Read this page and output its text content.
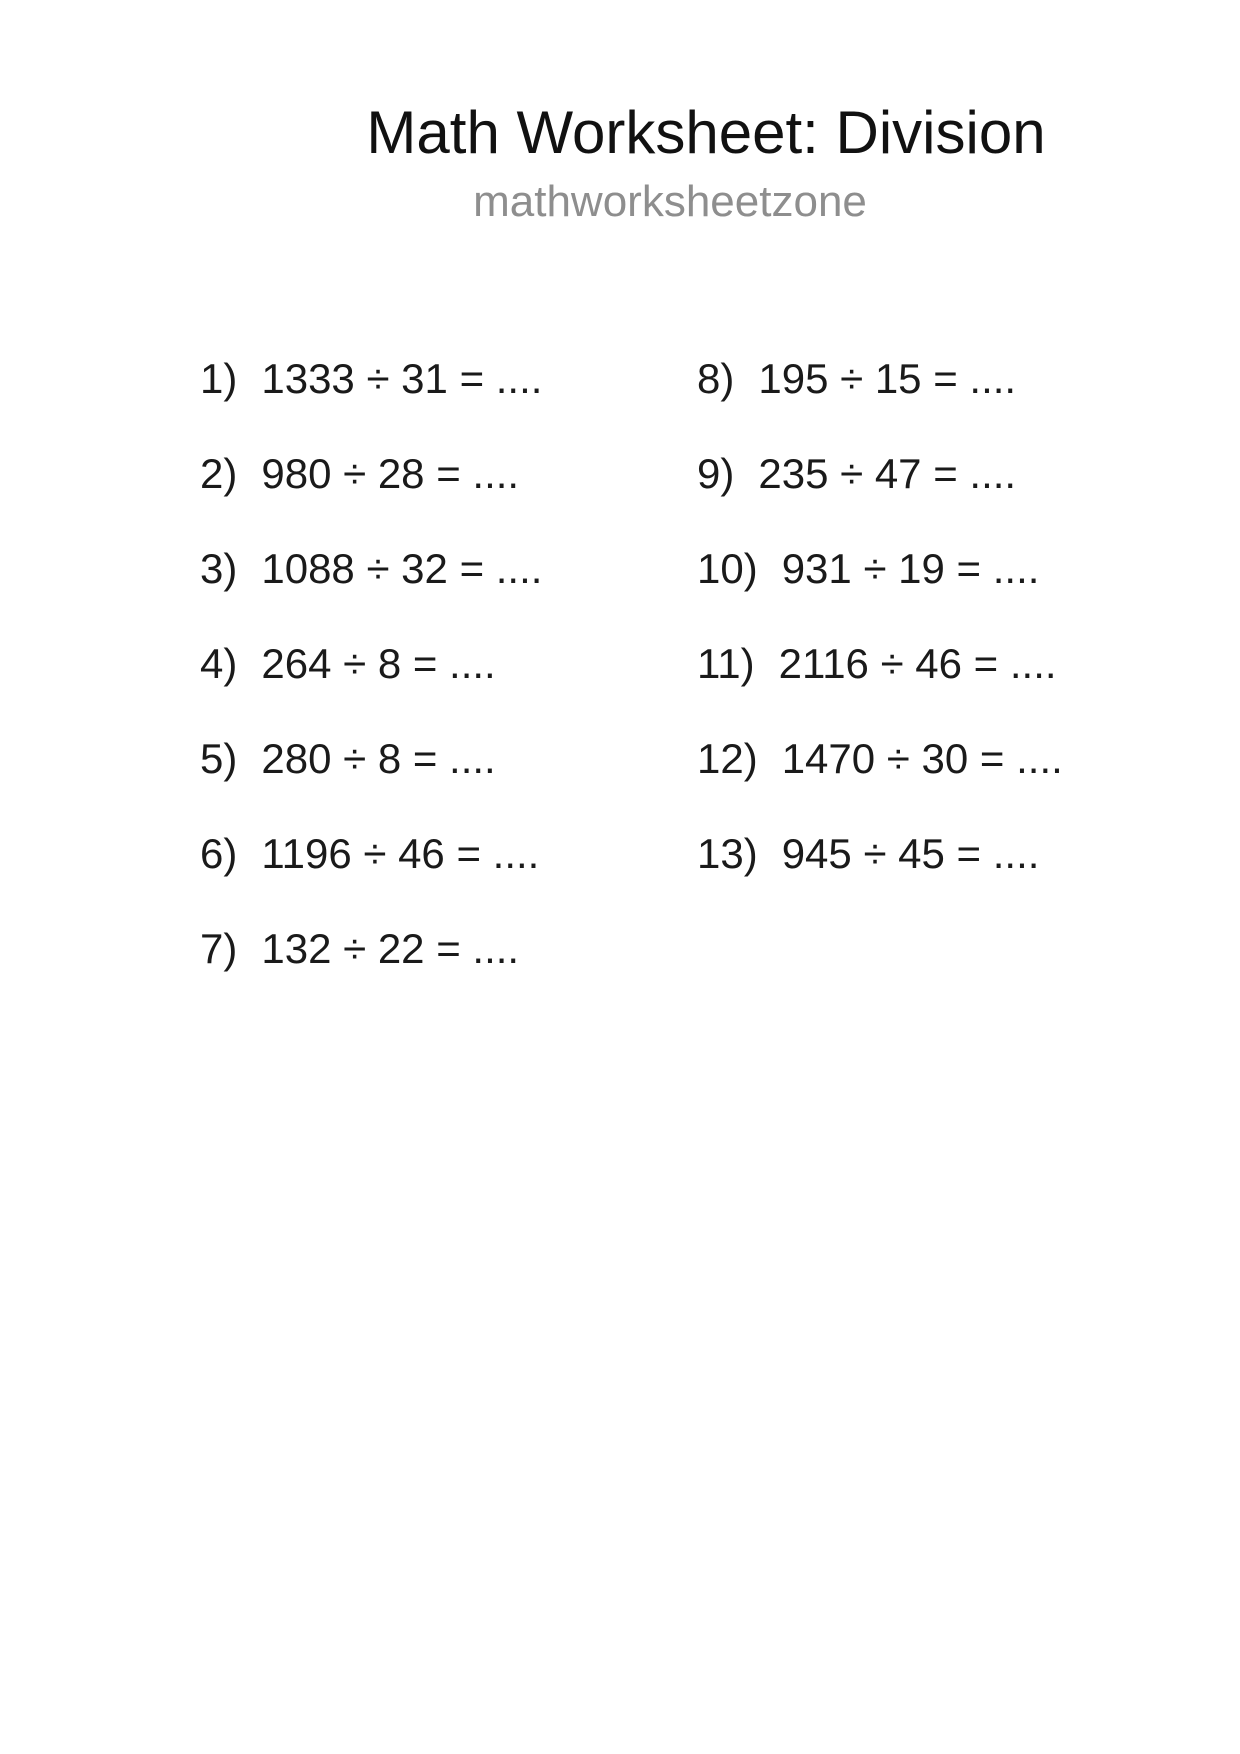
Math Worksheet: Division
mathworksheetzone
1) 1333 ÷ 31 = ....
2) 980 ÷ 28 = ....
3) 1088 ÷ 32 = ....
4) 264 ÷ 8 = ....
5) 280 ÷ 8 = ....
6) 1196 ÷ 46 = ....
7) 132 ÷ 22 = ....
8) 195 ÷ 15 = ....
9) 235 ÷ 47 = ....
10) 931 ÷ 19 = ....
11) 2116 ÷ 46 = ....
12) 1470 ÷ 30 = ....
13) 945 ÷ 45 = ....
